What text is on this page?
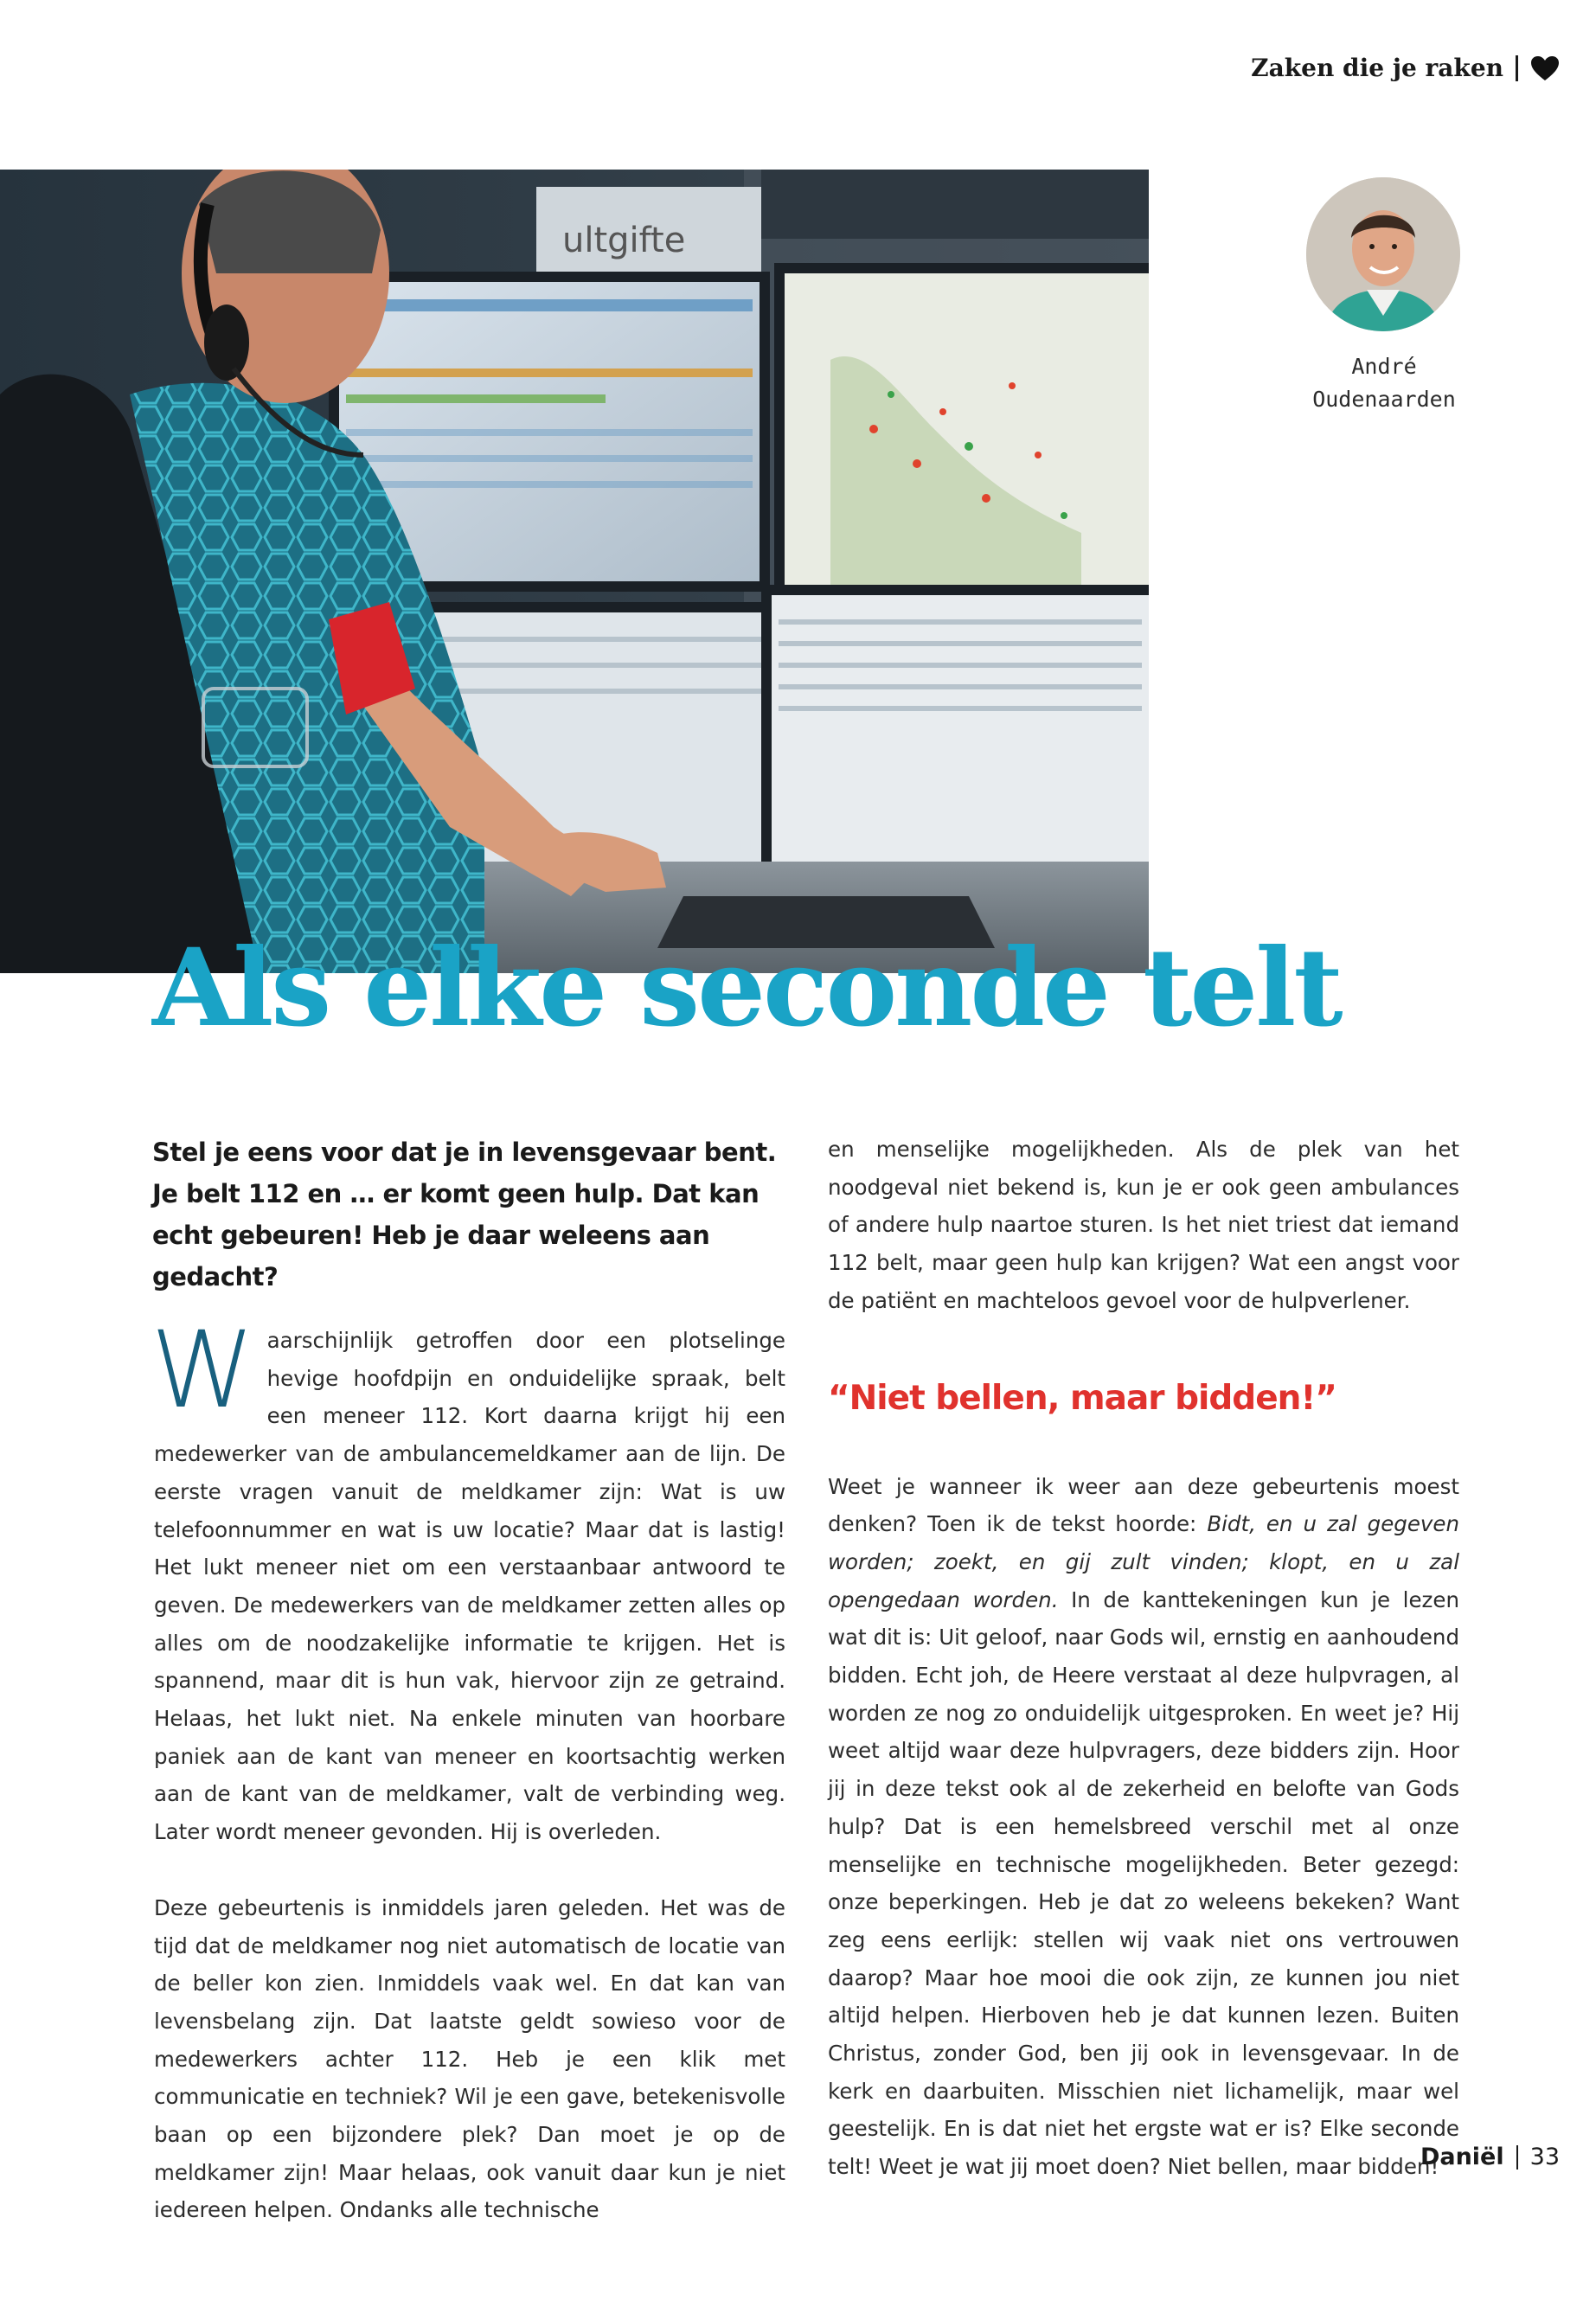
Zaken die je raken
ultgifte
André
Oudenaarden
Als elke seconde telt
Stel je eens voor dat je in levensgevaar bent. Je belt 112 en … er komt geen hulp. Dat kan echt gebeuren! Heb je daar weleens aan gedacht?

Waarschijnlijk getroffen door een plotselinge hevige hoofdpijn en onduidelijke spraak, belt een meneer 112. Kort daarna krijgt hij een medewerker van de ambulancemeldkamer aan de lijn. De eerste vragen vanuit de meldkamer zijn: Wat is uw telefoonnummer en wat is uw locatie? Maar dat is lastig! Het lukt meneer niet om een verstaanbaar antwoord te geven. De medewerkers van de meldkamer zetten alles op alles om de noodzakelijke informatie te krijgen. Het is spannend, maar dit is hun vak, hiervoor zijn ze getraind. Helaas, het lukt niet. Na enkele minuten van hoorbare paniek aan de kant van meneer en koortsachtig werken aan de kant van de meldkamer, valt de verbinding weg. Later wordt meneer gevonden. Hij is overleden.

Deze gebeurtenis is inmiddels jaren geleden. Het was de tijd dat de meldkamer nog niet automatisch de locatie van de beller kon zien. Inmiddels vaak wel. En dat kan van levensbelang zijn. Dat laatste geldt sowieso voor de medewerkers achter 112. Heb je een klik met communicatie en techniek? Wil je een gave, betekenisvolle baan op een bijzondere plek? Dan moet je op de meldkamer zijn! Maar helaas, ook vanuit daar kun je niet iedereen helpen. Ondanks alle technische

en menselijke mogelijkheden. Als de plek van het noodgeval niet bekend is, kun je er ook geen ambulances of andere hulp naartoe sturen. Is het niet triest dat iemand 112 belt, maar geen hulp kan krijgen? Wat een angst voor de patiënt en machteloos gevoel voor de hulpverlener.

“Niet bellen, maar bidden!”

Weet je wanneer ik weer aan deze gebeurtenis moest denken? Toen ik de tekst hoorde: Bidt, en u zal gegeven worden; zoekt, en gij zult vinden; klopt, en u zal opengedaan worden. In de kanttekeningen kun je lezen wat dit is: Uit geloof, naar Gods wil, ernstig en aanhoudend bidden. Echt joh, de Heere verstaat al deze hulpvragen, al worden ze nog zo onduidelijk uitgesproken. En weet je? Hij weet altijd waar deze hulpvragers, deze bidders zijn. Hoor jij in deze tekst ook al de zekerheid en belofte van Gods hulp? Dat is een hemelsbreed verschil met al onze menselijke en technische mogelijkheden. Beter gezegd: onze beperkingen. Heb je dat zo weleens bekeken? Want zeg eens eerlijk: stellen wij vaak niet ons vertrouwen daarop? Maar hoe mooi die ook zijn, ze kunnen jou niet altijd helpen. Hierboven heb je dat kunnen lezen. Buiten Christus, zonder God, ben jij ook in levensgevaar. In de kerk en daarbuiten. Misschien niet lichamelijk, maar wel geestelijk. En is dat niet het ergste wat er is? Elke seconde telt! Weet je wat jij moet doen? Niet bellen, maar bidden!

Daniël 33
